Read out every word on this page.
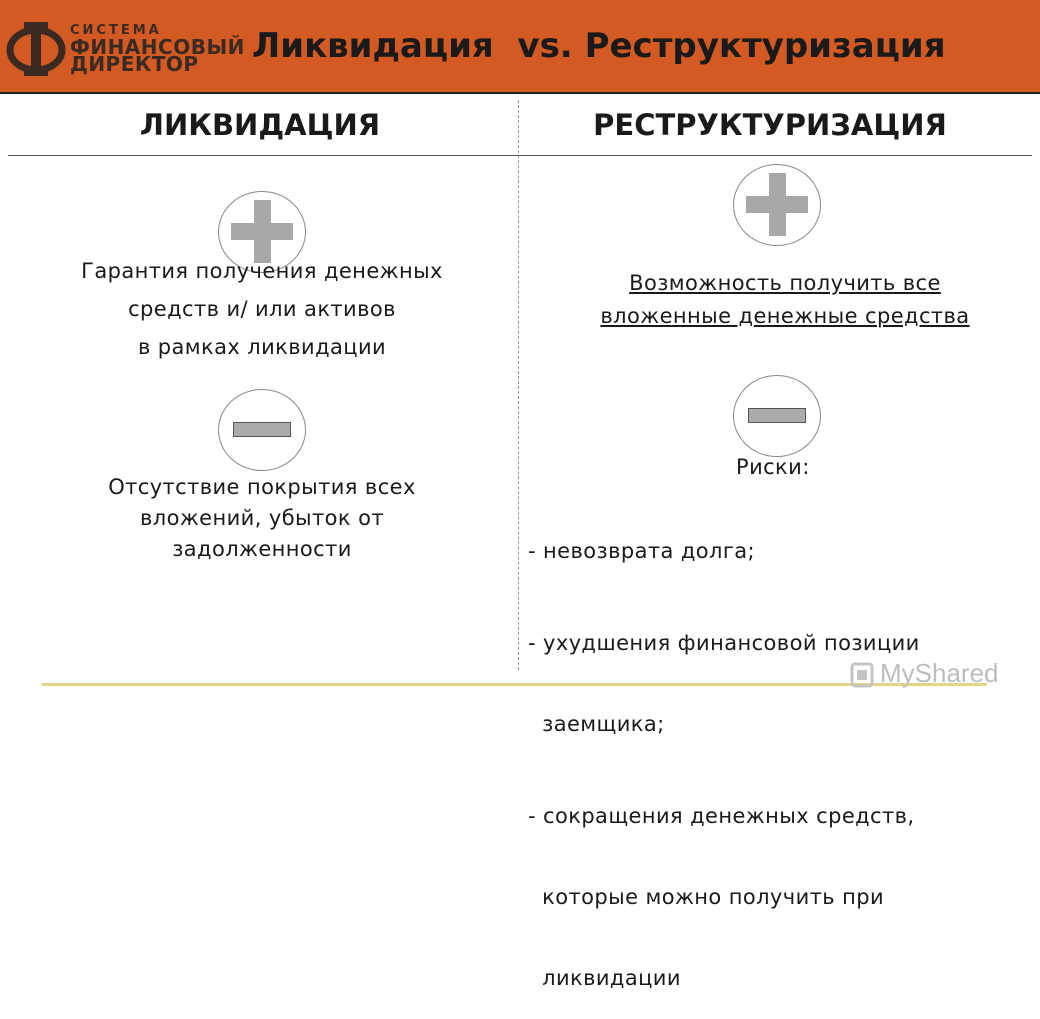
СИСТЕМА
ФИНАНСОВЫЙ
ДИРЕКТОР	Ликвидация  vs. Реструктуризация
ЛИКВИДАЦИЯ	РЕСТРУКТУРИЗАЦИЯ
Гарантия получения денежных
средств и/ или активов
в рамках ликвидации
Отсутствие покрытия всех
вложений, убыток от
задолженности
Возможность получить все
вложенные денежные средства
Риски:

- невозврата долга;

- ухудшения финансовой позиции

заемщика;

- сокращения денежных средств,

которые можно получить при

ликвидации

MyShared
